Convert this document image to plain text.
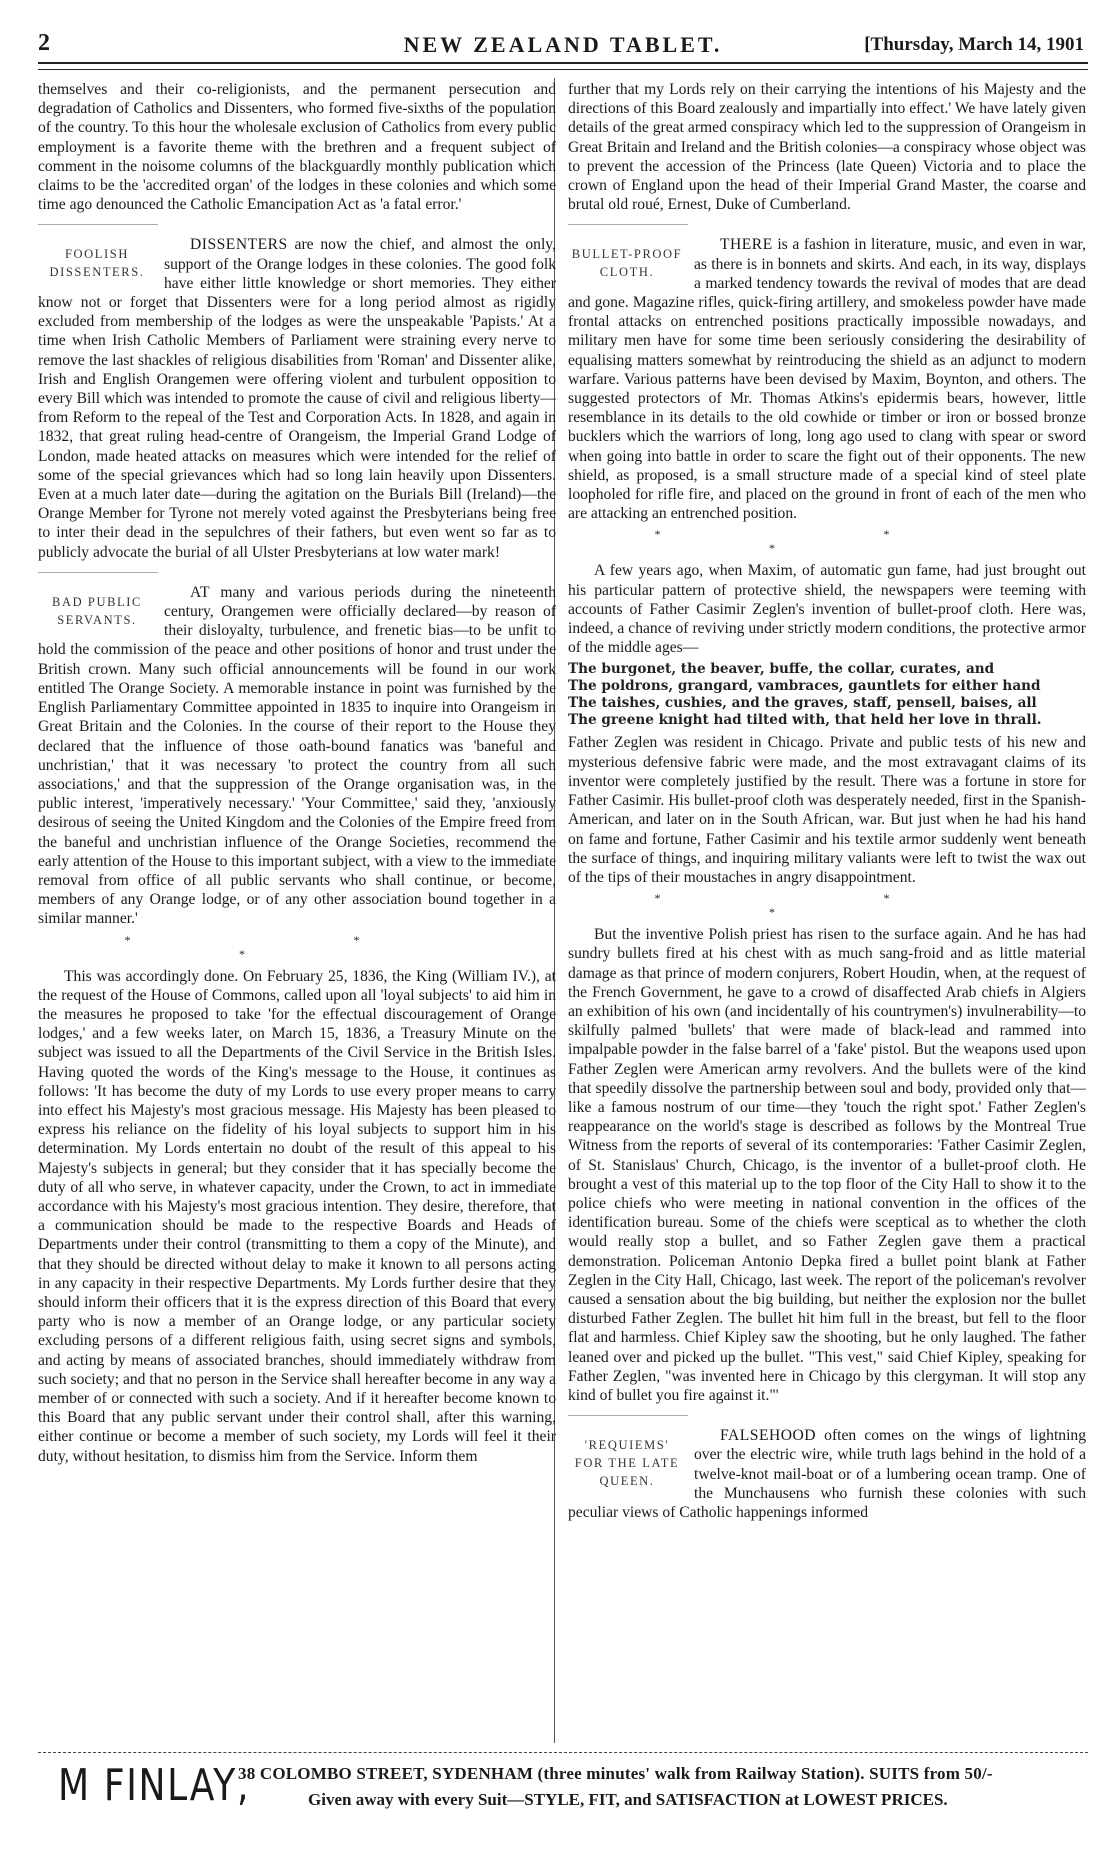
2	NEW ZEALAND TABLET.	[Thursday, March 14, 1901

themselves and their co-religionists, and the permanent persecution and degradation of Catholics and Dissenters, who formed five-sixths of the population of the country. To this hour the wholesale exclusion of Catholics from every public employment is a favorite theme with the brethren and a frequent subject of comment in the noisome columns of the blackguardly monthly publication which claims to be the 'accredited organ' of the lodges in these colonies and which some time ago denounced the Catholic Emancipation Act as 'a fatal error.'

FOOLISH DISSENTERS.

DISSENTERS are now the chief, and almost the only, support of the Orange lodges in these colonies. The good folk have either little knowledge or short memories. They either know not or forget that Dissenters were for a long period almost as rigidly excluded from membership of the lodges as were the unspeakable 'Papists.' At a time when Irish Catholic Members of Parliament were straining every nerve to remove the last shackles of religious disabilities from 'Roman' and Dissenter alike, Irish and English Orangemen were offering violent and turbulent opposition to every Bill which was intended to promote the cause of civil and religious liberty—from Reform to the repeal of the Test and Corporation Acts. In 1828, and again in 1832, that great ruling head-centre of Orangeism, the Imperial Grand Lodge of London, made heated attacks on measures which were intended for the relief of some of the special grievances which had so long lain heavily upon Dissenters. Even at a much later date—during the agitation on the Burials Bill (Ireland)—the Orange Member for Tyrone not merely voted against the Presbyterians being free to inter their dead in the sepulchres of their fathers, but even went so far as to publicly advocate the burial of all Ulster Presbyterians at low water mark!

BAD PUBLIC SERVANTS.

AT many and various periods during the nineteenth century, Orangemen were officially declared—by reason of their disloyalty, turbulence, and frenetic bias—to be unfit to hold the commission of the peace and other positions of honor and trust under the British crown. Many such official announcements will be found in our work entitled The Orange Society. A memorable instance in point was furnished by the English Parliamentary Committee appointed in 1835 to inquire into Orangeism in Great Britain and the Colonies. In the course of their report to the House they declared that the influence of those oath-bound fanatics was 'baneful and unchristian,' that it was necessary 'to protect the country from all such associations,' and that the suppression of the Orange organisation was, in the public interest, 'imperatively necessary.' 'Your Committee,' said they, 'anxiously desirous of seeing the United Kingdom and the Colonies of the Empire freed from the baneful and unchristian influence of the Orange Societies, recommend the early attention of the House to this important subject, with a view to the immediate removal from office of all public servants who shall continue, or become, members of any Orange lodge, or of any other association bound together in a similar manner.'

* * *

This was accordingly done. On February 25, 1836, the King (William IV.), at the request of the House of Commons, called upon all 'loyal subjects' to aid him in the measures he proposed to take 'for the effectual discouragement of Orange lodges,' and a few weeks later, on March 15, 1836, a Treasury Minute on the subject was issued to all the Departments of the Civil Service in the British Isles. Having quoted the words of the King's message to the House, it continues as follows: 'It has become the duty of my Lords to use every proper means to carry into effect his Majesty's most gracious message. His Majesty has been pleased to express his reliance on the fidelity of his loyal subjects to support him in his determination. My Lords entertain no doubt of the result of this appeal to his Majesty's subjects in general; but they consider that it has specially become the duty of all who serve, in whatever capacity, under the Crown, to act in immediate accordance with his Majesty's most gracious intention. They desire, therefore, that a communication should be made to the respective Boards and Heads of Departments under their control (transmitting to them a copy of the Minute), and that they should be directed without delay to make it known to all persons acting in any capacity in their respective Departments. My Lords further desire that they should inform their officers that it is the express direction of this Board that every party who is now a member of an Orange lodge, or any particular society excluding persons of a different religious faith, using secret signs and symbols, and acting by means of associated branches, should immediately withdraw from such society; and that no person in the Service shall hereafter become in any way a member of or connected with such a society. And if it hereafter become known to this Board that any public servant under their control shall, after this warning, either continue or become a member of such society, my Lords will feel it their duty, without hesitation, to dismiss him from the Service. Inform them

further that my Lords rely on their carrying the intentions of his Majesty and the directions of this Board zealously and impartially into effect.' We have lately given details of the great armed conspiracy which led to the suppression of Orangeism in Great Britain and Ireland and the British colonies—a conspiracy whose object was to prevent the accession of the Princess (late Queen) Victoria and to place the crown of England upon the head of their Imperial Grand Master, the coarse and brutal old roué, Ernest, Duke of Cumberland.

BULLET-PROOF CLOTH.

THERE is a fashion in literature, music, and even in war, as there is in bonnets and skirts. And each, in its way, displays a marked tendency towards the revival of modes that are dead and gone. Magazine rifles, quick-firing artillery, and smokeless powder have made frontal attacks on entrenched positions practically impossible nowadays, and military men have for some time been seriously considering the desirability of equalising matters somewhat by reintroducing the shield as an adjunct to modern warfare. Various patterns have been devised by Maxim, Boynton, and others. The suggested protectors of Mr. Thomas Atkins's epidermis bears, however, little resemblance in its details to the old cowhide or timber or iron or bossed bronze bucklers which the warriors of long, long ago used to clang with spear or sword when going into battle in order to scare the fight out of their opponents. The new shield, as proposed, is a small structure made of a special kind of steel plate loopholed for rifle fire, and placed on the ground in front of each of the men who are attacking an entrenched position.

* * *

A few years ago, when Maxim, of automatic gun fame, had just brought out his particular pattern of protective shield, the newspapers were teeming with accounts of Father Casimir Zeglen's invention of bullet-proof cloth. Here was, indeed, a chance of reviving under strictly modern conditions, the protective armor of the middle ages—

The burgonet, the beaver, buffe, the collar, curates, and
The poldrons, grangard, vambraces, gauntlets for either hand
The taishes, cushies, and the graves, staff, pensell, baises, all
The greene knight had tilted with, that held her love in thrall.

Father Zeglen was resident in Chicago. Private and public tests of his new and mysterious defensive fabric were made, and the most extravagant claims of its inventor were completely justified by the result. There was a fortune in store for Father Casimir. His bullet-proof cloth was desperately needed, first in the Spanish-American, and later on in the South African, war. But just when he had his hand on fame and fortune, Father Casimir and his textile armor suddenly went beneath the surface of things, and inquiring military valiants were left to twist the wax out of the tips of their moustaches in angry disappointment.

* * *

But the inventive Polish priest has risen to the surface again. And he has had sundry bullets fired at his chest with as much sang-froid and as little material damage as that prince of modern conjurers, Robert Houdin, when, at the request of the French Government, he gave to a crowd of disaffected Arab chiefs in Algiers an exhibition of his own (and incidentally of his countrymen's) invulnerability—to skilfully palmed 'bullets' that were made of black-lead and rammed into impalpable powder in the false barrel of a 'fake' pistol. But the weapons used upon Father Zeglen were American army revolvers. And the bullets were of the kind that speedily dissolve the partnership between soul and body, provided only that—like a famous nostrum of our time—they 'touch the right spot.' Father Zeglen's reappearance on the world's stage is described as follows by the Montreal True Witness from the reports of several of its contemporaries: 'Father Casimir Zeglen, of St. Stanislaus' Church, Chicago, is the inventor of a bullet-proof cloth. He brought a vest of this material up to the top floor of the City Hall to show it to the police chiefs who were meeting in national convention in the offices of the identification bureau. Some of the chiefs were sceptical as to whether the cloth would really stop a bullet, and so Father Zeglen gave them a practical demonstration. Policeman Antonio Depka fired a bullet point blank at Father Zeglen in the City Hall, Chicago, last week. The report of the policeman's revolver caused a sensation about the big building, but neither the explosion nor the bullet disturbed Father Zeglen. The bullet hit him full in the breast, but fell to the floor flat and harmless. Chief Kipley saw the shooting, but he only laughed. The father leaned over and picked up the bullet. "This vest," said Chief Kipley, speaking for Father Zeglen, "was invented here in Chicago by this clergyman. It will stop any kind of bullet you fire against it."'

'REQUIEMS' FOR THE LATE QUEEN.

FALSEHOOD often comes on the wings of lightning over the electric wire, while truth lags behind in the hold of a twelve-knot mail-boat or of a lumbering ocean tramp. One of the Munchausens who furnish these colonies with such peculiar views of Catholic happenings informed

M FINLAY,
38 COLOMBO STREET, SYDENHAM (three minutes' walk from Railway Station). SUITS from 50/-
Given away with every Suit—STYLE, FIT, and SATISFACTION at LOWEST PRICES.
